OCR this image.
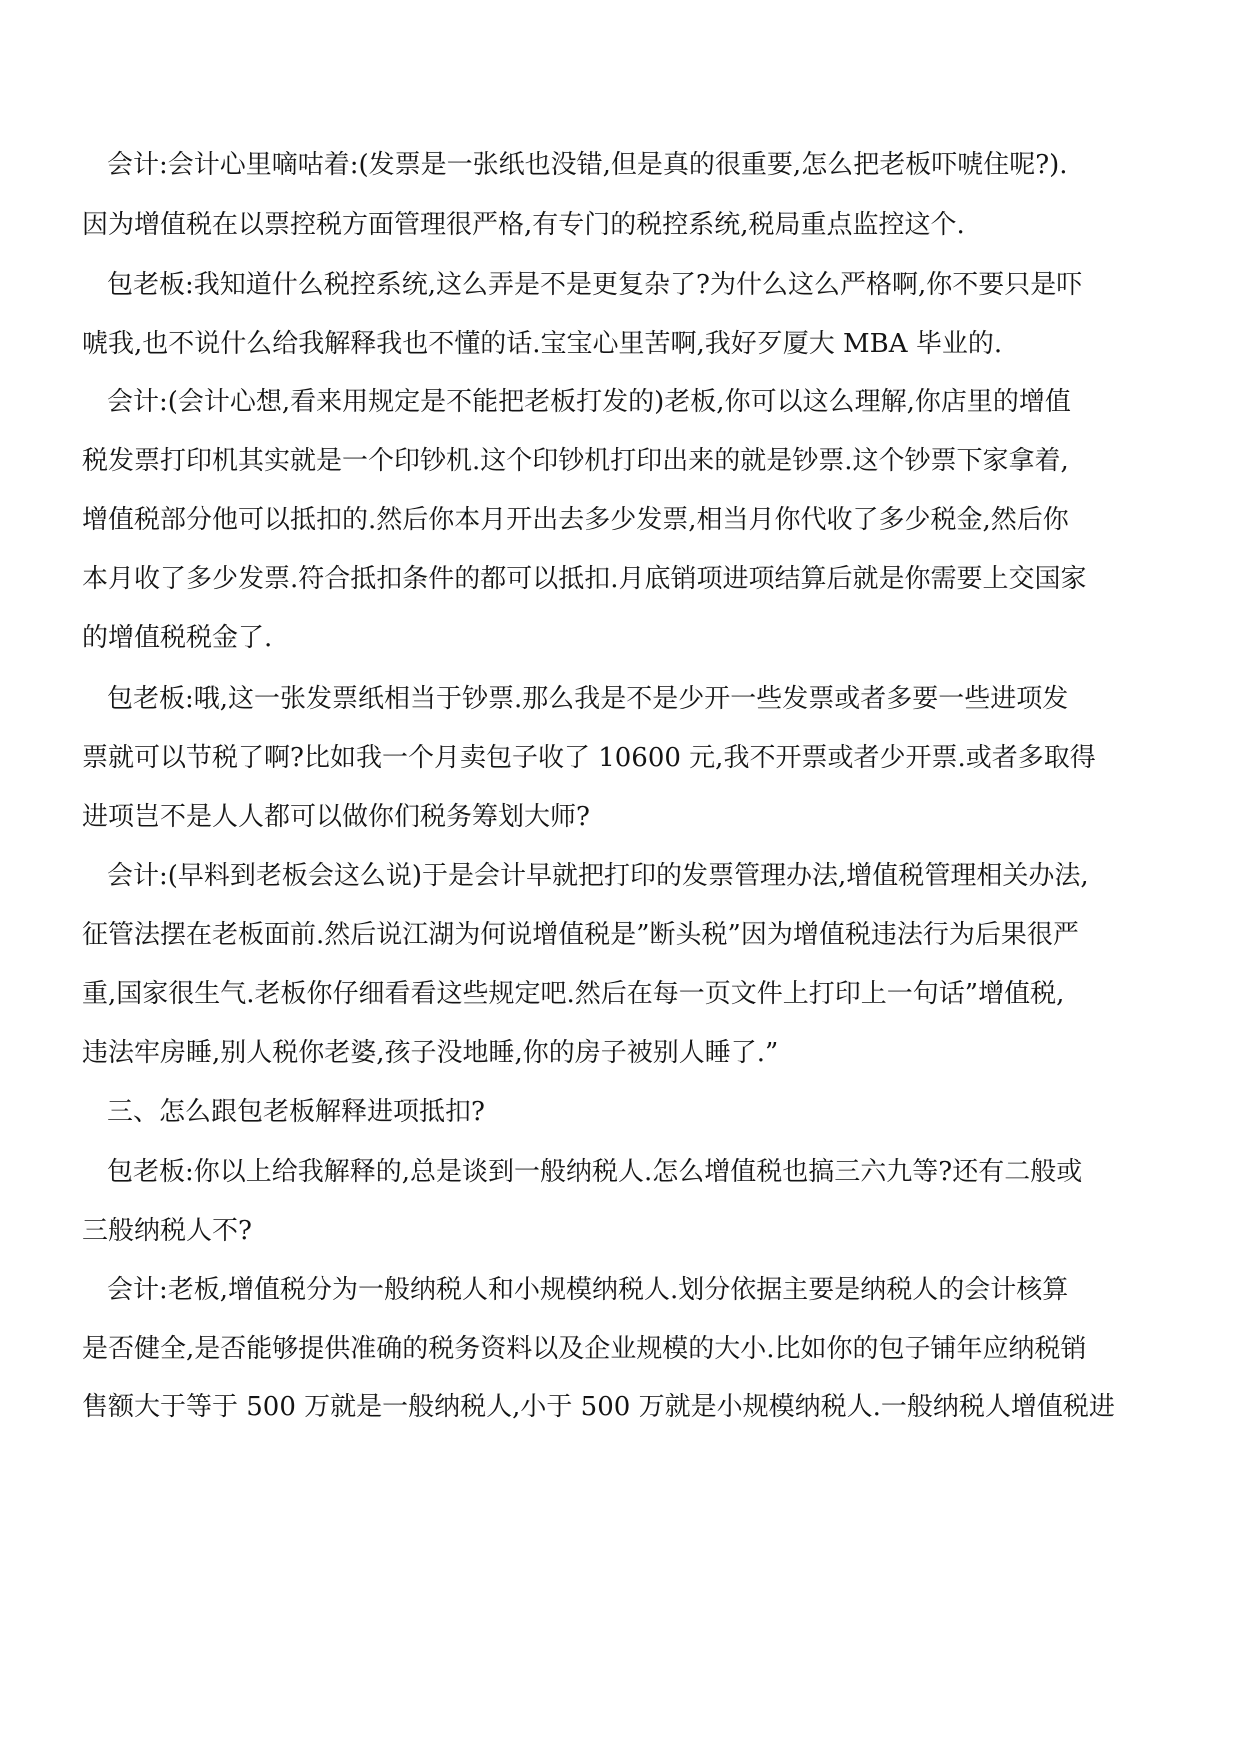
会计:会计心里嘀咕着:(发票是一张纸也没错,但是真的很重要,怎么把老板吓唬住呢?).
因为增值税在以票控税方面管理很严格,有专门的税控系统,税局重点监控这个.
包老板:我知道什么税控系统,这么弄是不是更复杂了?为什么这么严格啊,你不要只是吓
唬我,也不说什么给我解释我也不懂的话.宝宝心里苦啊,我好歹厦大 MBA 毕业的.
会计:(会计心想,看来用规定是不能把老板打发的)老板,你可以这么理解,你店里的增值
税发票打印机其实就是一个印钞机.这个印钞机打印出来的就是钞票.这个钞票下家拿着,
增值税部分他可以抵扣的.然后你本月开出去多少发票,相当月你代收了多少税金,然后你
本月收了多少发票.符合抵扣条件的都可以抵扣.月底销项进项结算后就是你需要上交国家
的增值税税金了.
包老板:哦,这一张发票纸相当于钞票.那么我是不是少开一些发票或者多要一些进项发
票就可以节税了啊?比如我一个月卖包子收了 10600 元,我不开票或者少开票.或者多取得
进项岂不是人人都可以做你们税务筹划大师?
会计:(早料到老板会这么说)于是会计早就把打印的发票管理办法,增值税管理相关办法,
征管法摆在老板面前.然后说江湖为何说增值税是”断头税”因为增值税违法行为后果很严
重,国家很生气.老板你仔细看看这些规定吧.然后在每一页文件上打印上一句话”增值税,
违法牢房睡,别人税你老婆,孩子没地睡,你的房子被别人睡了.”
三、怎么跟包老板解释进项抵扣?
包老板:你以上给我解释的,总是谈到一般纳税人.怎么增值税也搞三六九等?还有二般或
三般纳税人不?
会计:老板,增值税分为一般纳税人和小规模纳税人.划分依据主要是纳税人的会计核算
是否健全,是否能够提供准确的税务资料以及企业规模的大小.比如你的包子铺年应纳税销
售额大于等于 500 万就是一般纳税人,小于 500 万就是小规模纳税人.一般纳税人增值税进
